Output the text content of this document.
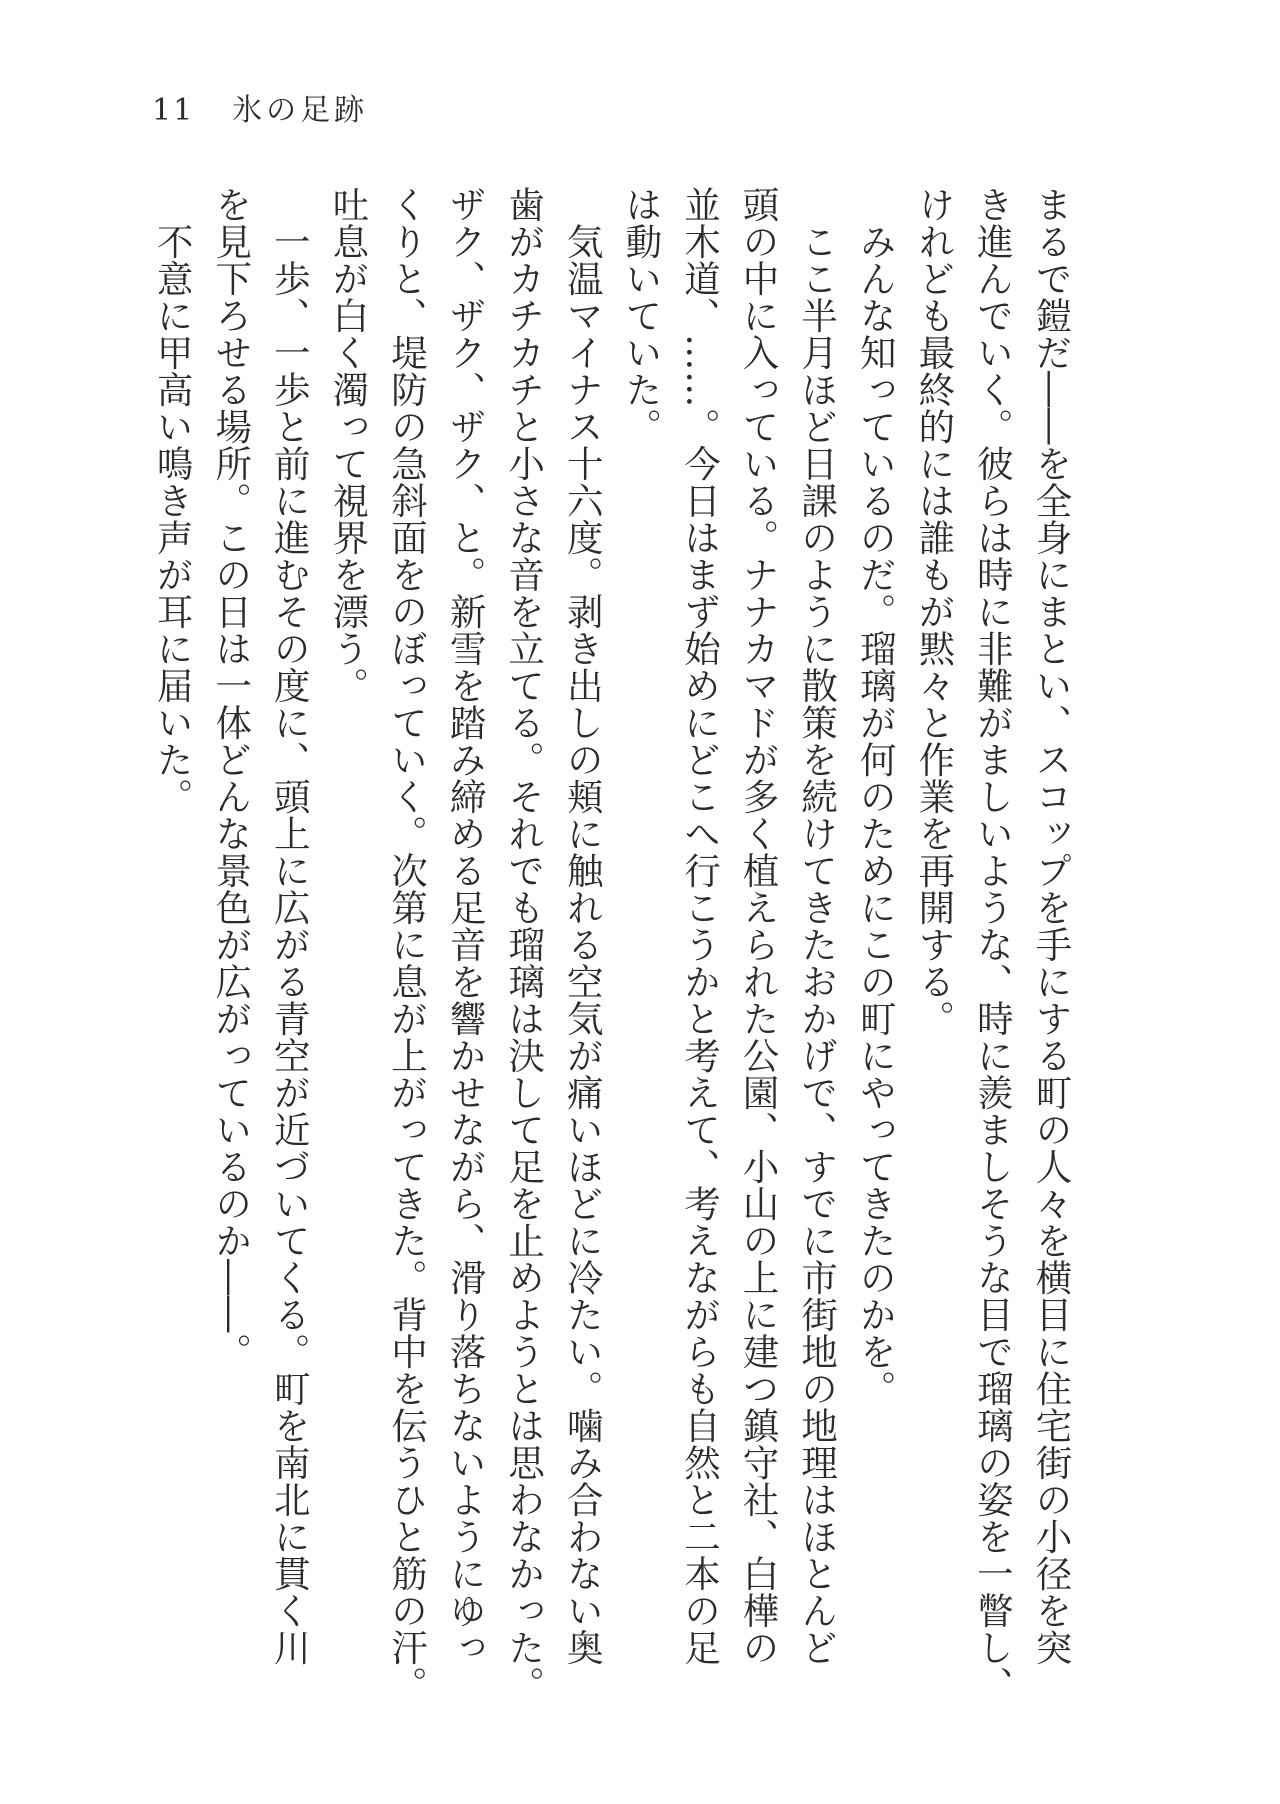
11 氷の足跡
まるで鎧だ――を全身にまとい、スコップを手にする町の人々を横目に住宅街の小径を突
き進んでいく。彼らは時に非難がましいような、時に羨ましそうな目で瑠璃の姿を一瞥し、
けれども最終的には誰もが黙々と作業を再開する。
　みんな知っているのだ。瑠璃が何のためにこの町にやってきたのかを。
　ここ半月ほど日課のように散策を続けてきたおかげで、すでに市街地の地理はほとんど
頭の中に入っている。ナナカマドが多く植えられた公園、小山の上に建つ鎮守社、白樺の
並木道、……。今日はまず始めにどこへ行こうかと考えて、考えながらも自然と二本の足
は動いていた。
　気温マイナス十六度。剥き出しの頬に触れる空気が痛いほどに冷たい。噛み合わない奥
歯がカチカチと小さな音を立てる。それでも瑠璃は決して足を止めようとは思わなかった。
ザク、ザク、ザク、と。新雪を踏み締める足音を響かせながら、滑り落ちないようにゆっ
くりと、堤防の急斜面をのぼっていく。次第に息が上がってきた。背中を伝うひと筋の汗。
吐息が白く濁って視界を漂う。
　一歩、一歩と前に進むその度に、頭上に広がる青空が近づいてくる。町を南北に貫く川
を見下ろせる場所。この日は一体どんな景色が広がっているのか――。
　不意に甲高い鳴き声が耳に届いた。
